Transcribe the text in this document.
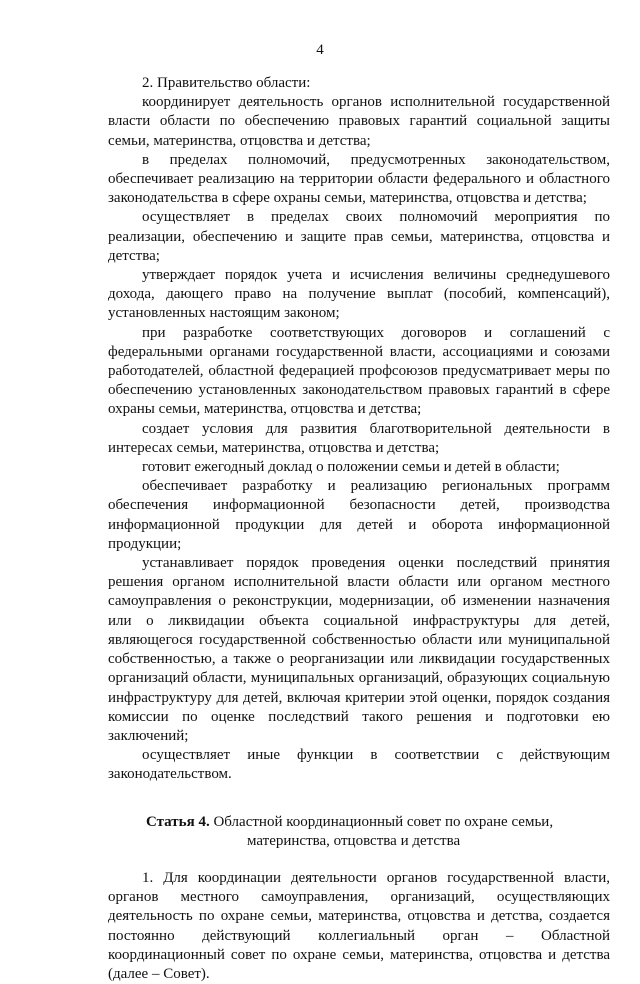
4

2. Правительство области:

координирует деятельность органов исполнительной государственной власти области по обеспечению правовых гарантий социальной защиты семьи, материнства, отцовства и детства;

в пределах полномочий, предусмотренных законодательством, обеспечивает реализацию на территории области федерального и областного законодательства в сфере охраны семьи, материнства, отцовства и детства;

осуществляет в пределах своих полномочий мероприятия по реализации, обеспечению и защите прав семьи, материнства, отцовства и детства;

утверждает порядок учета и исчисления величины среднедушевого дохода, дающего право на получение выплат (пособий, компенсаций), установленных настоящим законом;

при разработке соответствующих договоров и соглашений с федеральными органами государственной власти, ассоциациями и союзами работодателей, областной федерацией профсоюзов предусматривает меры по обеспечению установленных законодательством правовых гарантий в сфере охраны семьи, материнства, отцовства и детства;

создает условия для развития благотворительной деятельности в интересах семьи, материнства, отцовства и детства;

готовит ежегодный доклад о положении семьи и детей в области;

обеспечивает разработку и реализацию региональных программ обеспечения информационной безопасности детей, производства информационной продукции для детей и оборота информационной продукции;

устанавливает порядок проведения оценки последствий принятия решения органом исполнительной власти области или органом местного самоуправления о реконструкции, модернизации, об изменении назначения или о ликвидации объекта социальной инфраструктуры для детей, являющегося государственной собственностью области или муниципальной собственностью, а также о реорганизации или ликвидации государственных организаций области, муниципальных организаций, образующих социальную инфраструктуру для детей, включая критерии этой оценки, порядок создания комиссии по оценке последствий такого решения и подготовки ею заключений;

осуществляет иные функции в соответствии с действующим законодательством.

Статья 4. Областной координационный совет по охране семьи,
материнства, отцовства и детства

1. Для координации деятельности органов государственной власти, органов местного самоуправления, организаций, осуществляющих деятельность по охране семьи, материнства, отцовства и детства, создается постоянно действующий коллегиальный орган – Областной координационный совет по охране семьи, материнства, отцовства и детства (далее – Совет).
